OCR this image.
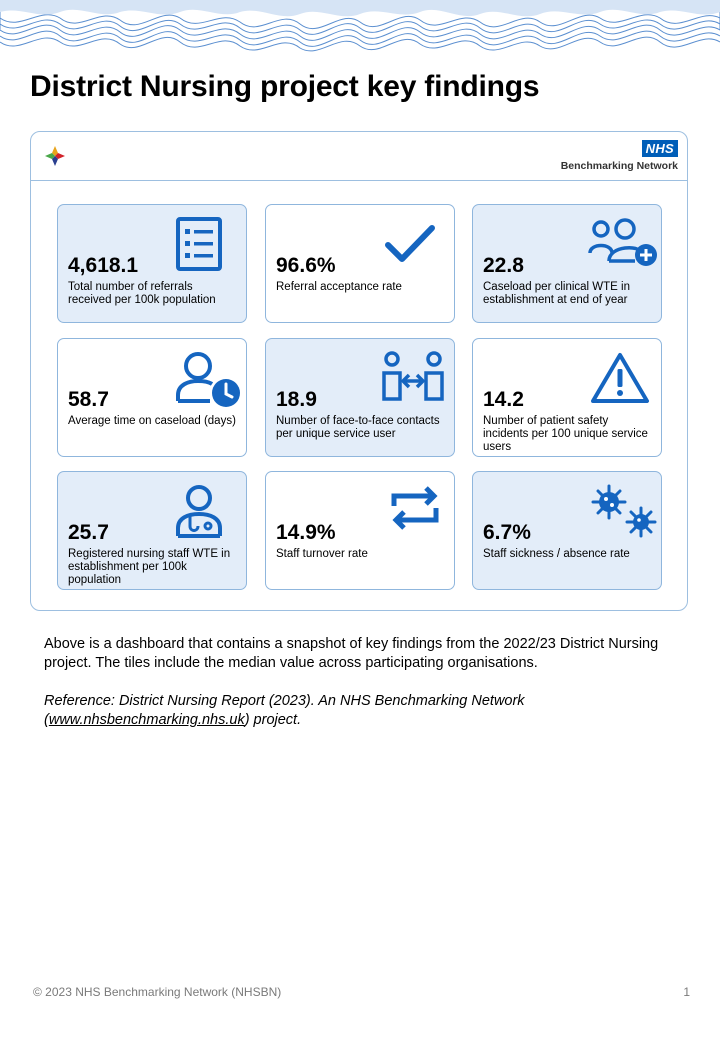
District Nursing project key findings
NHS
Benchmarking Network
4,618.1
Total number of referrals received per 100k population
96.6%
Referral acceptance rate
22.8
Caseload per clinical WTE in establishment at end of year
58.7
Average time on caseload (days)
18.9
Number of face-to-face contacts per unique service user
14.2
Number of patient safety incidents per 100 unique service users
25.7
Registered nursing staff WTE in establishment per 100k population
14.9%
Staff turnover rate
6.7%
Staff sickness / absence rate

Above is a dashboard that contains a snapshot of key findings from the 2022/23 District Nursing project. The tiles include the median value across participating organisations.

Reference: District Nursing Report (2023). An NHS Benchmarking Network (www.nhsbenchmarking.nhs.uk) project.

© 2023 NHS Benchmarking Network (NHSBN)	1
